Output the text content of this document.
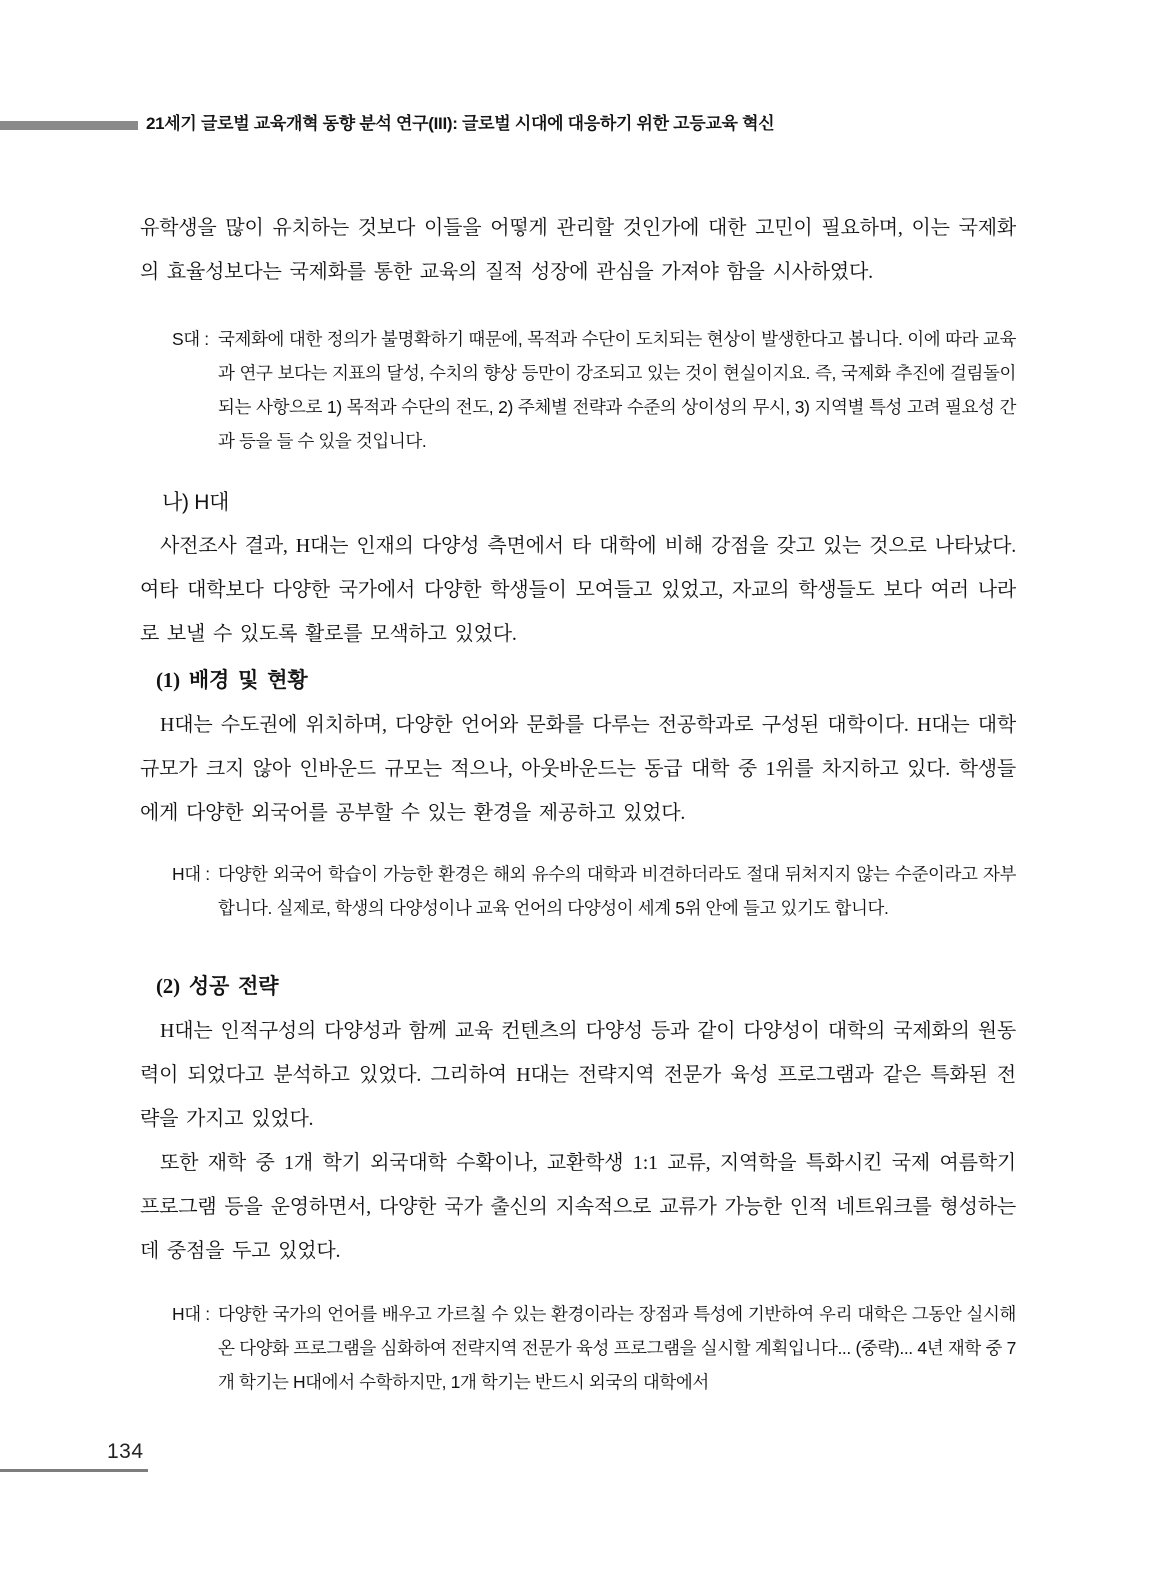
21세기 글로벌 교육개혁 동향 분석 연구(III): 글로벌 시대에 대응하기 위한 고등교육 혁신

유학생을 많이 유치하는 것보다 이들을 어떻게 관리할 것인가에 대한 고민이 필요하며, 이는 국제화의 효율성보다는 국제화를 통한 교육의 질적 성장에 관심을 가져야 함을 시사하였다.

S대 : 국제화에 대한 정의가 불명확하기 때문에, 목적과 수단이 도치되는 현상이 발생한다고 봅니다. 이에 따라 교육과 연구 보다는 지표의 달성, 수치의 향상 등만이 강조되고 있는 것이 현실이지요. 즉, 국제화 추진에 걸림돌이 되는 사항으로 1) 목적과 수단의 전도, 2) 주체별 전략과 수준의 상이성의 무시, 3) 지역별 특성 고려 필요성 간과 등을 들 수 있을 것입니다.
나) H대

사전조사 결과, H대는 인재의 다양성 측면에서 타 대학에 비해 강점을 갖고 있는 것으로 나타났다. 여타 대학보다 다양한 국가에서 다양한 학생들이 모여들고 있었고, 자교의 학생들도 보다 여러 나라로 보낼 수 있도록 활로를 모색하고 있었다.

(1) 배경 및 현황

H대는 수도권에 위치하며, 다양한 언어와 문화를 다루는 전공학과로 구성된 대학이다. H대는 대학 규모가 크지 않아 인바운드 규모는 적으나, 아웃바운드는 동급 대학 중 1위를 차지하고 있다. 학생들에게 다양한 외국어를 공부할 수 있는 환경을 제공하고 있었다.

H대 : 다양한 외국어 학습이 가능한 환경은 해외 유수의 대학과 비견하더라도 절대 뒤처지지 않는 수준이라고 자부합니다. 실제로, 학생의 다양성이나 교육 언어의 다양성이 세계 5위 안에 들고 있기도 합니다.
(2) 성공 전략

H대는 인적구성의 다양성과 함께 교육 컨텐츠의 다양성 등과 같이 다양성이 대학의 국제화의 원동력이 되었다고 분석하고 있었다. 그리하여 H대는 전략지역 전문가 육성 프로그램과 같은 특화된 전략을 가지고 있었다.

또한 재학 중 1개 학기 외국대학 수확이나, 교환학생 1:1 교류, 지역학을 특화시킨 국제 여름학기 프로그램 등을 운영하면서, 다양한 국가 출신의 지속적으로 교류가 가능한 인적 네트워크를 형성하는데 중점을 두고 있었다.

H대 : 다양한 국가의 언어를 배우고 가르칠 수 있는 환경이라는 장점과 특성에 기반하여 우리 대학은 그동안 실시해 온 다양화 프로그램을 심화하여 전략지역 전문가 육성 프로그램을 실시할 계획입니다... (중략)... 4년 재학 중 7개 학기는 H대에서 수학하지만, 1개 학기는 반드시 외국의 대학에서
134
